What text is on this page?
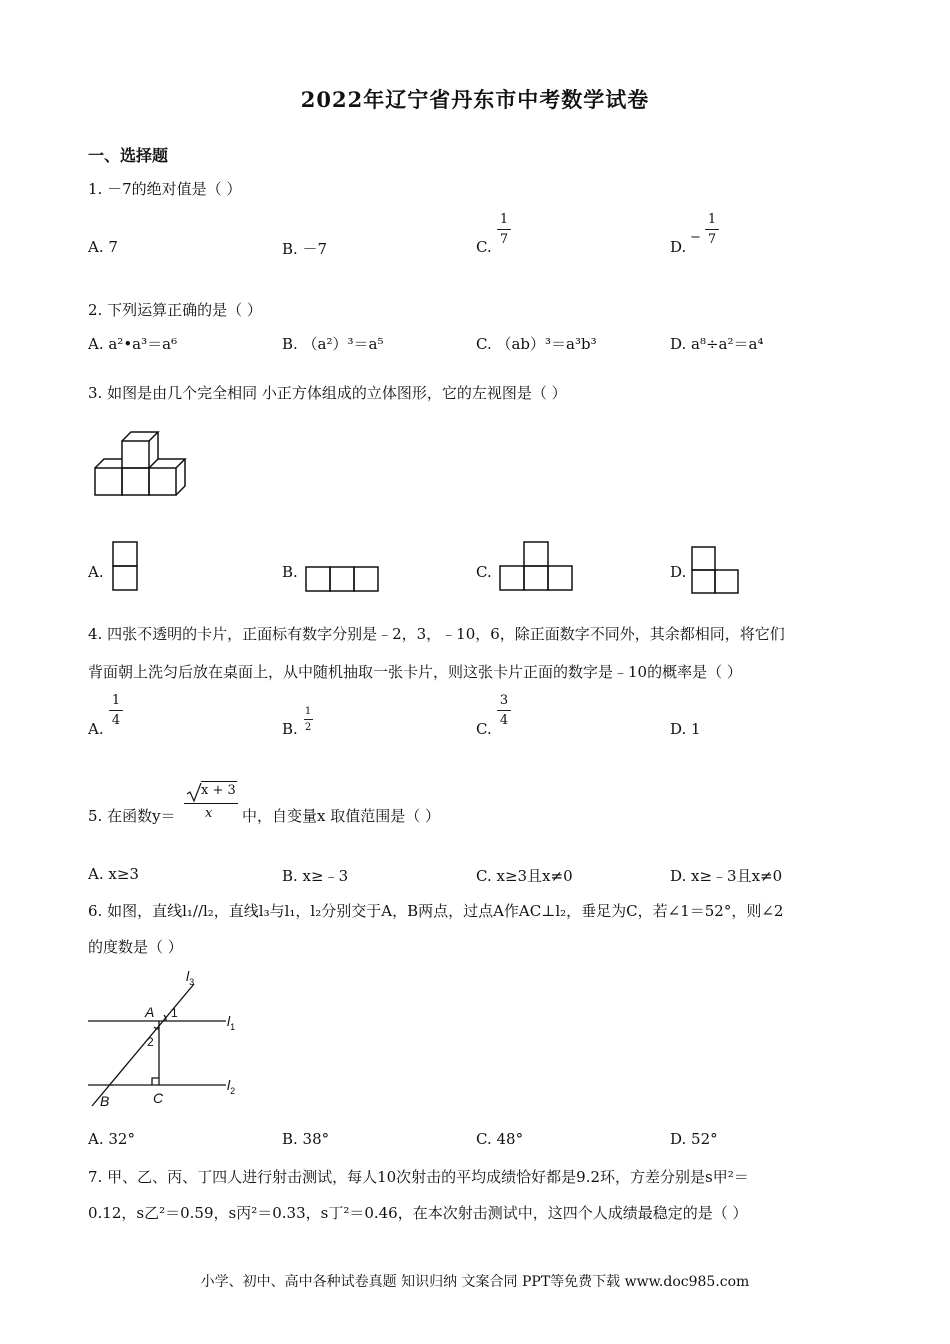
2022年辽宁省丹东市中考数学试卷
一、选择题
1. －7的绝对值是（ ）
A. 7	B. －7	C.
1
7	D.
−
1
7
2. 下列运算正确的是（ ）
A. a²•a³＝a⁶	B. （a²）³＝a⁵	C. （ab）³＝a³b³	D. a⁸÷a²＝a⁴
3. 如图是由几个完全相同 小正方体组成的立体图形，它的左视图是（ ）
A.	B.	C.	D.
4. 四张不透明的卡片，正面标有数字分别是﹣2，3，﹣10，6，除正面数字不同外，其余都相同，将它们
背面朝上洗匀后放在桌面上，从中随机抽取一张卡片，则这张卡片正面的数字是﹣10的概率是（ ）
A.
1
4	B.
1
2	C.
3
4	D. 1
5. 在函数y＝
x + 3
x 中，自变量x 取值范围是（ ）
A. x≥3	B. x≥﹣3	C. x≥3且x≠0	D. x≥﹣3且x≠0
6. 如图，直线l₁//l₂，直线l₃与l₁，l₂分别交于A，B两点，过点A作AC⊥l₂，垂足为C，若∠1＝52°，则∠2
的度数是（ ）
$l_3$
$l_1$
$l_2$
A
B	C
1
2
A. 32°	B. 38°	C. 48°	D. 52°
7. 甲、乙、丙、丁四人进行射击测试，每人10次射击的平均成绩恰好都是9.2环，方差分别是s甲²＝
0.12，s乙²＝0.59，s丙²＝0.33，s丁²＝0.46，在本次射击测试中，这四个人成绩最稳定的是（ ）
小学、初中、高中各种试卷真题 知识归纳 文案合同 PPT等免费下载 www.doc985.com
